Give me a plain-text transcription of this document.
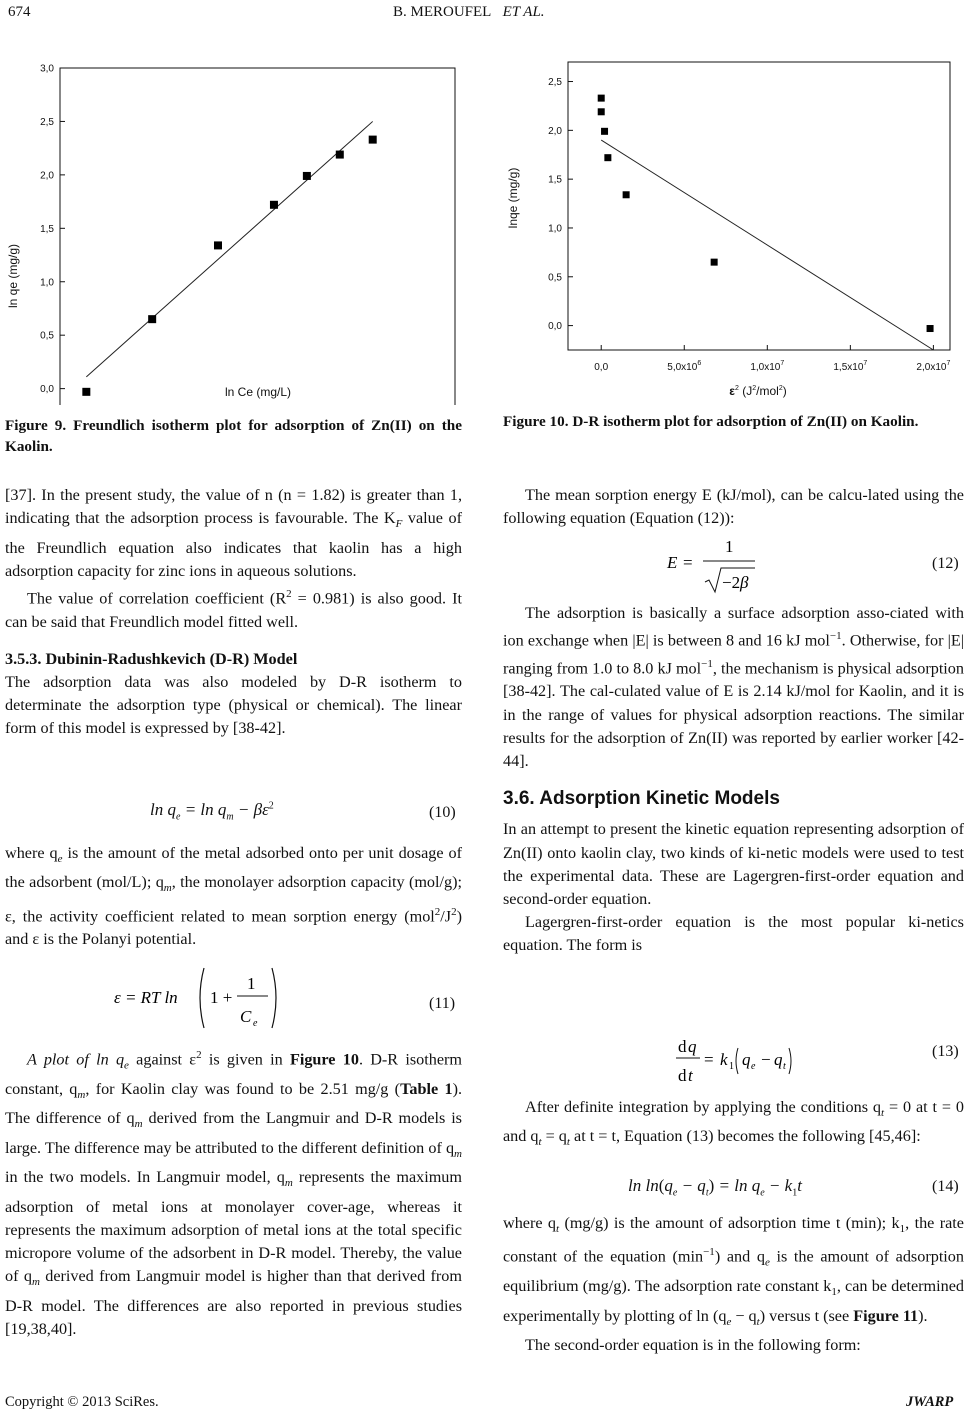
674	B. MEROUFEL ET AL.
0,0
0,5
1,0
1,5
2,0
2,5
3,0
ln Ce (mg/L)
ln qe (mg/g)
Figure 9. Freundlich isotherm plot for adsorption of Zn(II) on the Kaolin.
0,0	$5,0x10^6$	$1,0x10^7$	$1,5x10^7$	$2,0x10^7$
0,0
0,5
1,0
1,5
2,0
2,5
$\varepsilon^2$ $(J^2/mol^2)$
lnqe (mg/g)
Figure 10. D-R isotherm plot for adsorption of Zn(II) on Kaolin.

[37]. In the present study, the value of n (n = 1.82) is greater than 1, indicating that the adsorption process is favourable. The $K_F$ value of the Freundlich equation also indicates that kaolin has a high adsorption capacity for zinc ions in aqueous solutions.

The value of correlation coefficient $(R^2 = 0.981)$ is also good. It can be said that Freundlich model fitted well.

3.5.3. Dubinin-Radushkevich (D-R) Model

The adsorption data was also modeled by D-R isotherm to determinate the adsorption type (physical or chemical). The linear form of this model is expressed by [38-42].

$\ln q_e = \ln q_m - \beta\varepsilon^2$	(10)

where $q_e$ is the amount of the metal adsorbed onto per unit dosage of the adsorbent (mol/L); $q_m$, the monolayer adsorption capacity (mol/g); ε, the activity coefficient related to mean sorption energy $(mol^2/J^2)$ and ε is the Polanyi potential.

ε = RT ln 1 +
1
C e
(11)

A plot of $\ln q_e$ against $\varepsilon^2$ is given in Figure 10. D-R isotherm constant, $q_m$, for Kaolin clay was found to be 2.51 mg/g (Table 1). The difference of $q_m$ derived from the Langmuir and D-R models is large. The difference may be attributed to the different definition of $q_m$ in the two models. In Langmuir model, $q_m$ represents the maximum adsorption of metal ions at monolayer cover-age, whereas it represents the maximum adsorption of metal ions at the total specific micropore volume of the adsorbent in D-R model. Thereby, the value of $q_m$ derived from Langmuir model is higher than that derived from D-R model. The differences are also reported in previous studies [19,38,40].

The mean sorption energy E (kJ/mol), can be calcu-lated using the following equation (Equation (12)):

E =
1
−2 β
(12)

The adsorption is basically a surface adsorption asso-ciated with ion exchange when |E| is between 8 and 16 kJ mol$^{-1}$. Otherwise, for |E| ranging from 1.0 to 8.0 kJ mol$^{-1}$, the mechanism is physical adsorption [38-42]. The cal-culated value of E is 2.14 kJ/mol for Kaolin, and it is in the range of values for physical adsorption reactions. The similar results for the adsorption of Zn(II) was reported by earlier worker [42-44].

3.6. Adsorption Kinetic Models

In an attempt to present the kinetic equation representing adsorption of Zn(II) onto kaolin clay, two kinds of ki-netic models were used to test the experimental data. These are Lagergren-first-order equation and second-order equation.

Lagergren-first-order equation is the most popular ki-netics equation. The form is

d q
d t
= k 1 q e − q t
(13)

After definite integration by applying the conditions $q_t = 0$ at t = 0 and $q_t = q_t$ at t = t, Equation (13) becomes the following [45,46]:

$\ln \ln(q_e - q_t) = \ln q_e - k_1t$	(14)

where $q_t$ (mg/g) is the amount of adsorption time t (min); $k_1$, the rate constant of the equation $(\min^{-1})$ and $q_e$ is the amount of adsorption equilibrium (mg/g). The adsorption rate constant $k_1$, can be determined experimentally by plotting of $\ln (q_e - q_t)$ versus t (see Figure 11).

The second-order equation is in the following form:

Copyright © 2013 SciRes.	JWARP
